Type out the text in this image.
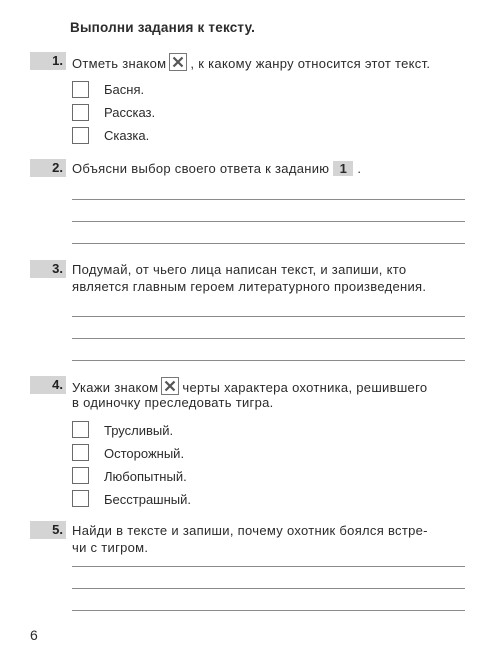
Выполни задания к тексту.
1. Отметь знаком , к какому жанру относится этот текст.
Басня.
Рассказ.
Сказка.
2. Объясни выбор своего ответа к заданию 1 .
3. Подумай, от чьего лица написан текст, и запиши, кто
является главным героем литературного произведения.
4. Укажи знаком черты характера охотника, решившего
в одиночку преследовать тигра.
Трусливый.
Осторожный.
Любопытный.
Бесстрашный.
5. Найди в тексте и запиши, почему охотник боялся встре-
чи с тигром.
6
